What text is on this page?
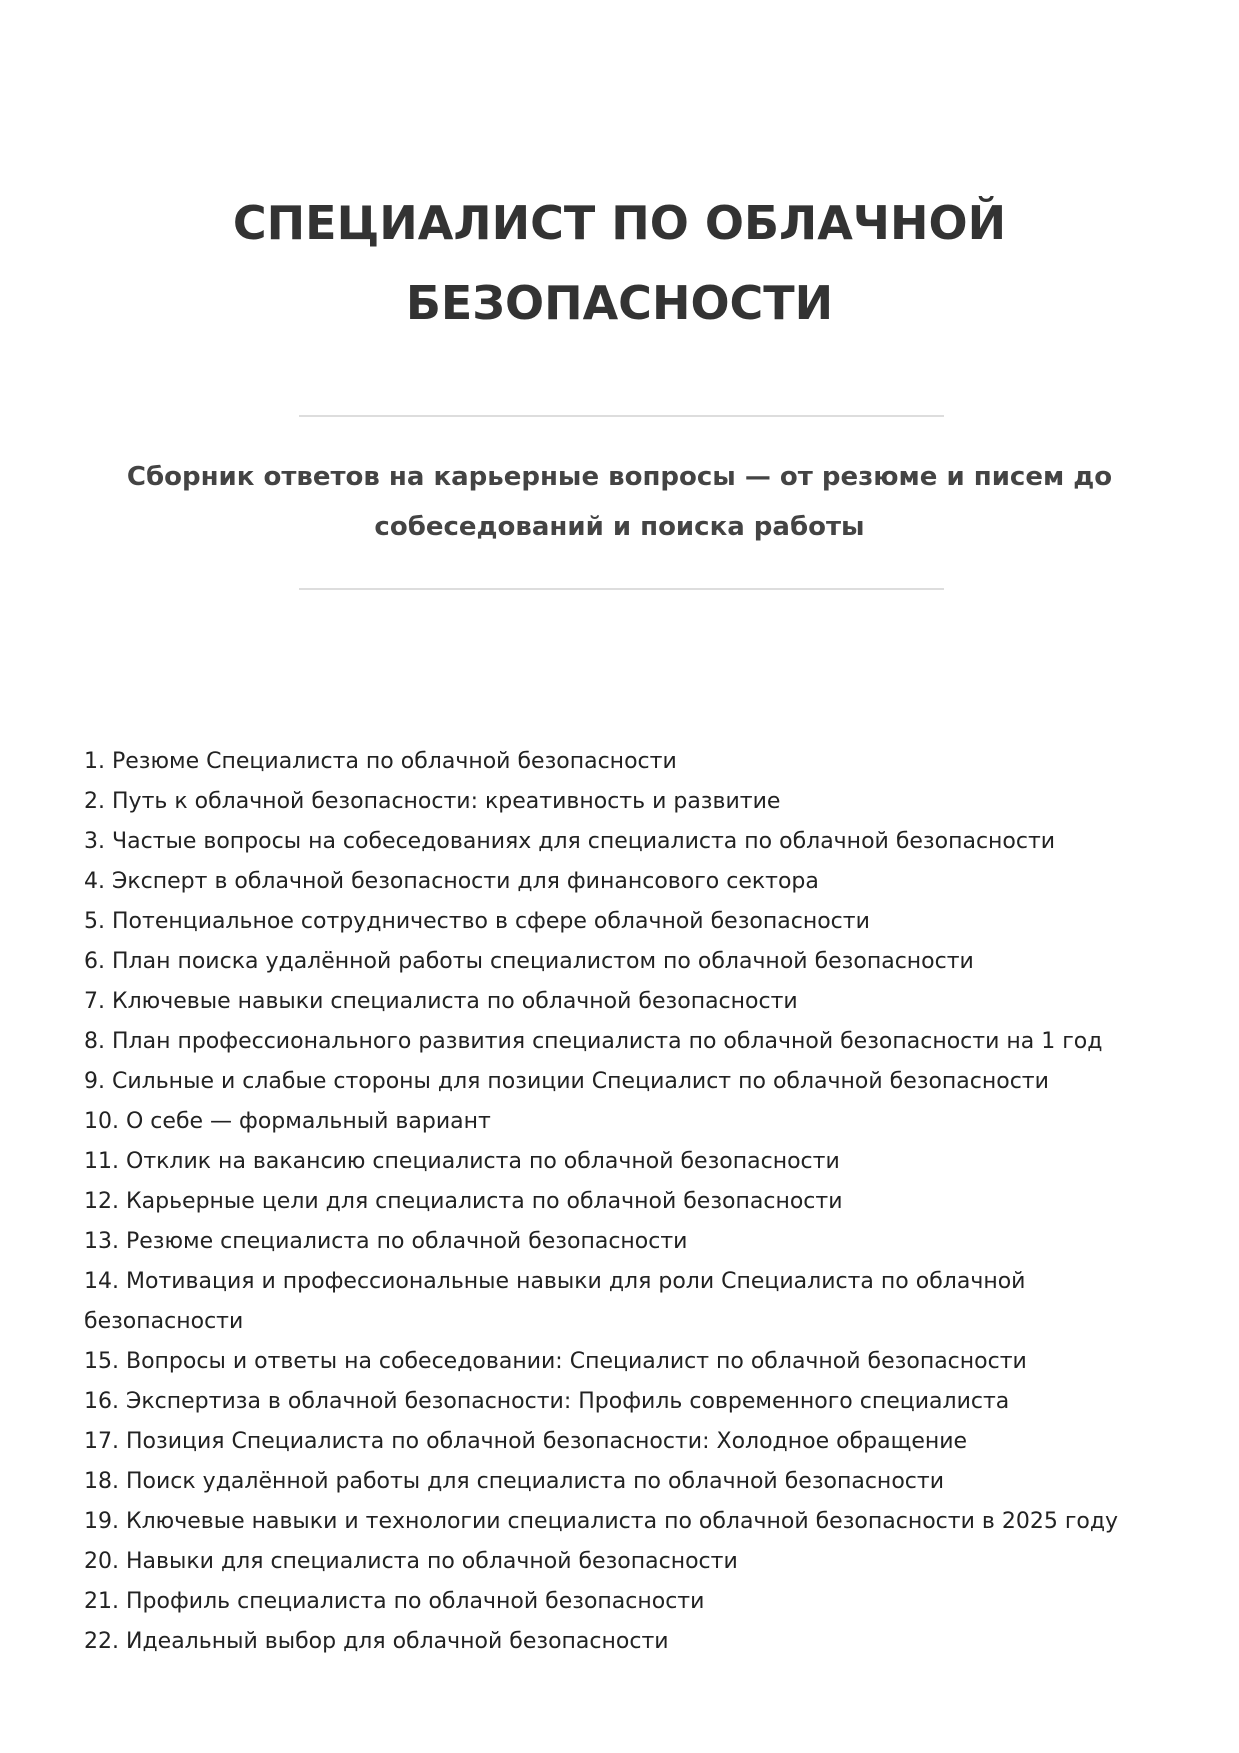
СПЕЦИАЛИСТ ПО ОБЛАЧНОЙ
БЕЗОПАСНОСТИ

Сборник ответов на карьерные вопросы — от резюме и писем до
собеседований и поиска работы

1. Резюме Специалиста по облачной безопасности
2. Путь к облачной безопасности: креативность и развитие
3. Частые вопросы на собеседованиях для специалиста по облачной безопасности
4. Эксперт в облачной безопасности для финансового сектора
5. Потенциальное сотрудничество в сфере облачной безопасности
6. План поиска удалённой работы специалистом по облачной безопасности
7. Ключевые навыки специалиста по облачной безопасности
8. План профессионального развития специалиста по облачной безопасности на 1 год
9. Сильные и слабые стороны для позиции Специалист по облачной безопасности
10. О себе — формальный вариант
11. Отклик на вакансию специалиста по облачной безопасности
12. Карьерные цели для специалиста по облачной безопасности
13. Резюме специалиста по облачной безопасности
14. Мотивация и профессиональные навыки для роли Специалиста по облачной безопасности
15. Вопросы и ответы на собеседовании: Специалист по облачной безопасности
16. Экспертиза в облачной безопасности: Профиль современного специалиста
17. Позиция Специалиста по облачной безопасности: Холодное обращение
18. Поиск удалённой работы для специалиста по облачной безопасности
19. Ключевые навыки и технологии специалиста по облачной безопасности в 2025 году
20. Навыки для специалиста по облачной безопасности
21. Профиль специалиста по облачной безопасности
22. Идеальный выбор для облачной безопасности
